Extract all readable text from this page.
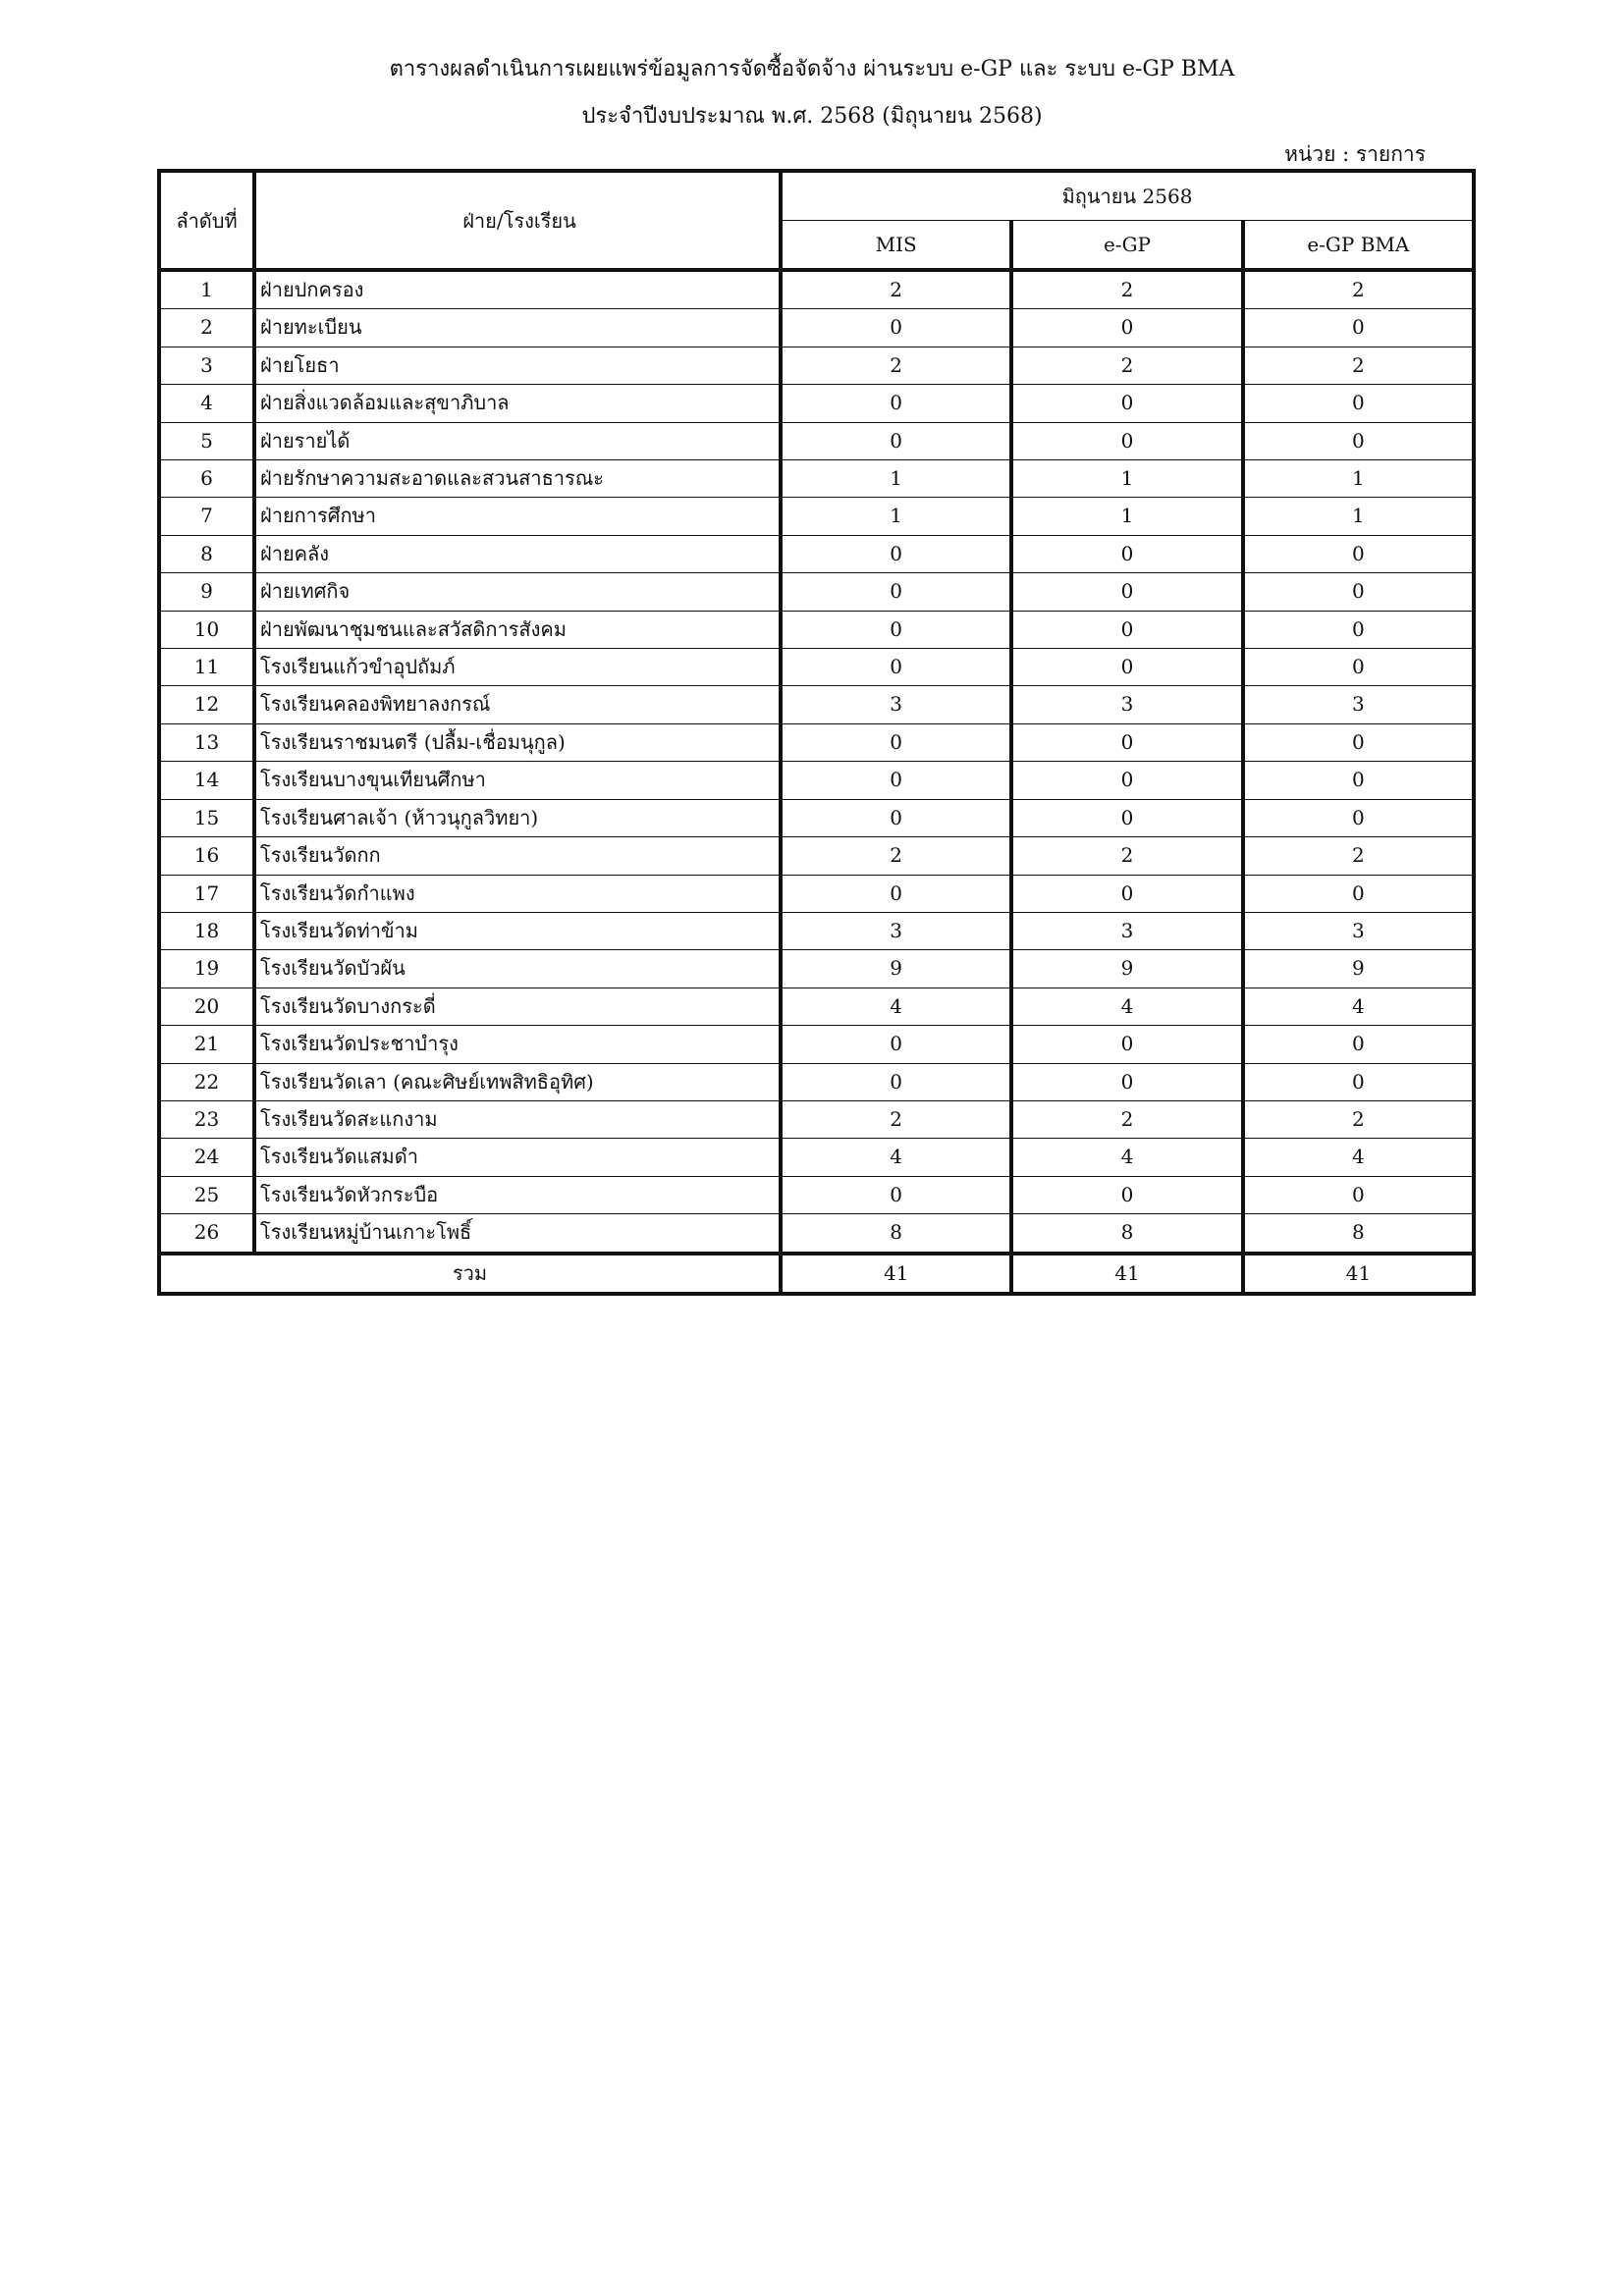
ตารางผลดำเนินการเผยแพร่ข้อมูลการจัดซื้อจัดจ้าง ผ่านระบบ e-GP และ ระบบ e-GP BMA
ประจำปีงบประมาณ พ.ศ. 2568 (มิถุนายน 2568)
หน่วย : รายการ
ลำดับที่	ฝ่าย/โรงเรียน	มิถุนายน 2568		
		MIS	e-GP	e-GP BMA
1	ฝ่ายปกครอง	2	2	2
2	ฝ่ายทะเบียน	0	0	0
3	ฝ่ายโยธา	2	2	2
4	ฝ่ายสิ่งแวดล้อมและสุขาภิบาล	0	0	0
5	ฝ่ายรายได้	0	0	0
6	ฝ่ายรักษาความสะอาดและสวนสาธารณะ	1	1	1
7	ฝ่ายการศึกษา	1	1	1
8	ฝ่ายคลัง	0	0	0
9	ฝ่ายเทศกิจ	0	0	0
10	ฝ่ายพัฒนาชุมชนและสวัสดิการสังคม	0	0	0
11	โรงเรียนแก้วขำอุปถัมภ์	0	0	0
12	โรงเรียนคลองพิทยาลงกรณ์	3	3	3
13	โรงเรียนราชมนตรี (ปลื้ม-เชื่อมนุกูล)	0	0	0
14	โรงเรียนบางขุนเทียนศึกษา	0	0	0
15	โรงเรียนศาลเจ้า (ห้าวนุกูลวิทยา)	0	0	0
16	โรงเรียนวัดกก	2	2	2
17	โรงเรียนวัดกำแพง	0	0	0
18	โรงเรียนวัดท่าข้าม	3	3	3
19	โรงเรียนวัดบัวผัน	9	9	9
20	โรงเรียนวัดบางกระดี่	4	4	4
21	โรงเรียนวัดประชาบำรุง	0	0	0
22	โรงเรียนวัดเลา (คณะศิษย์เทพสิทธิอุทิศ)	0	0	0
23	โรงเรียนวัดสะแกงาม	2	2	2
24	โรงเรียนวัดแสมดำ	4	4	4
25	โรงเรียนวัดหัวกระบือ	0	0	0
26	โรงเรียนหมู่บ้านเกาะโพธิ์	8	8	8
รวม		41	41	41
